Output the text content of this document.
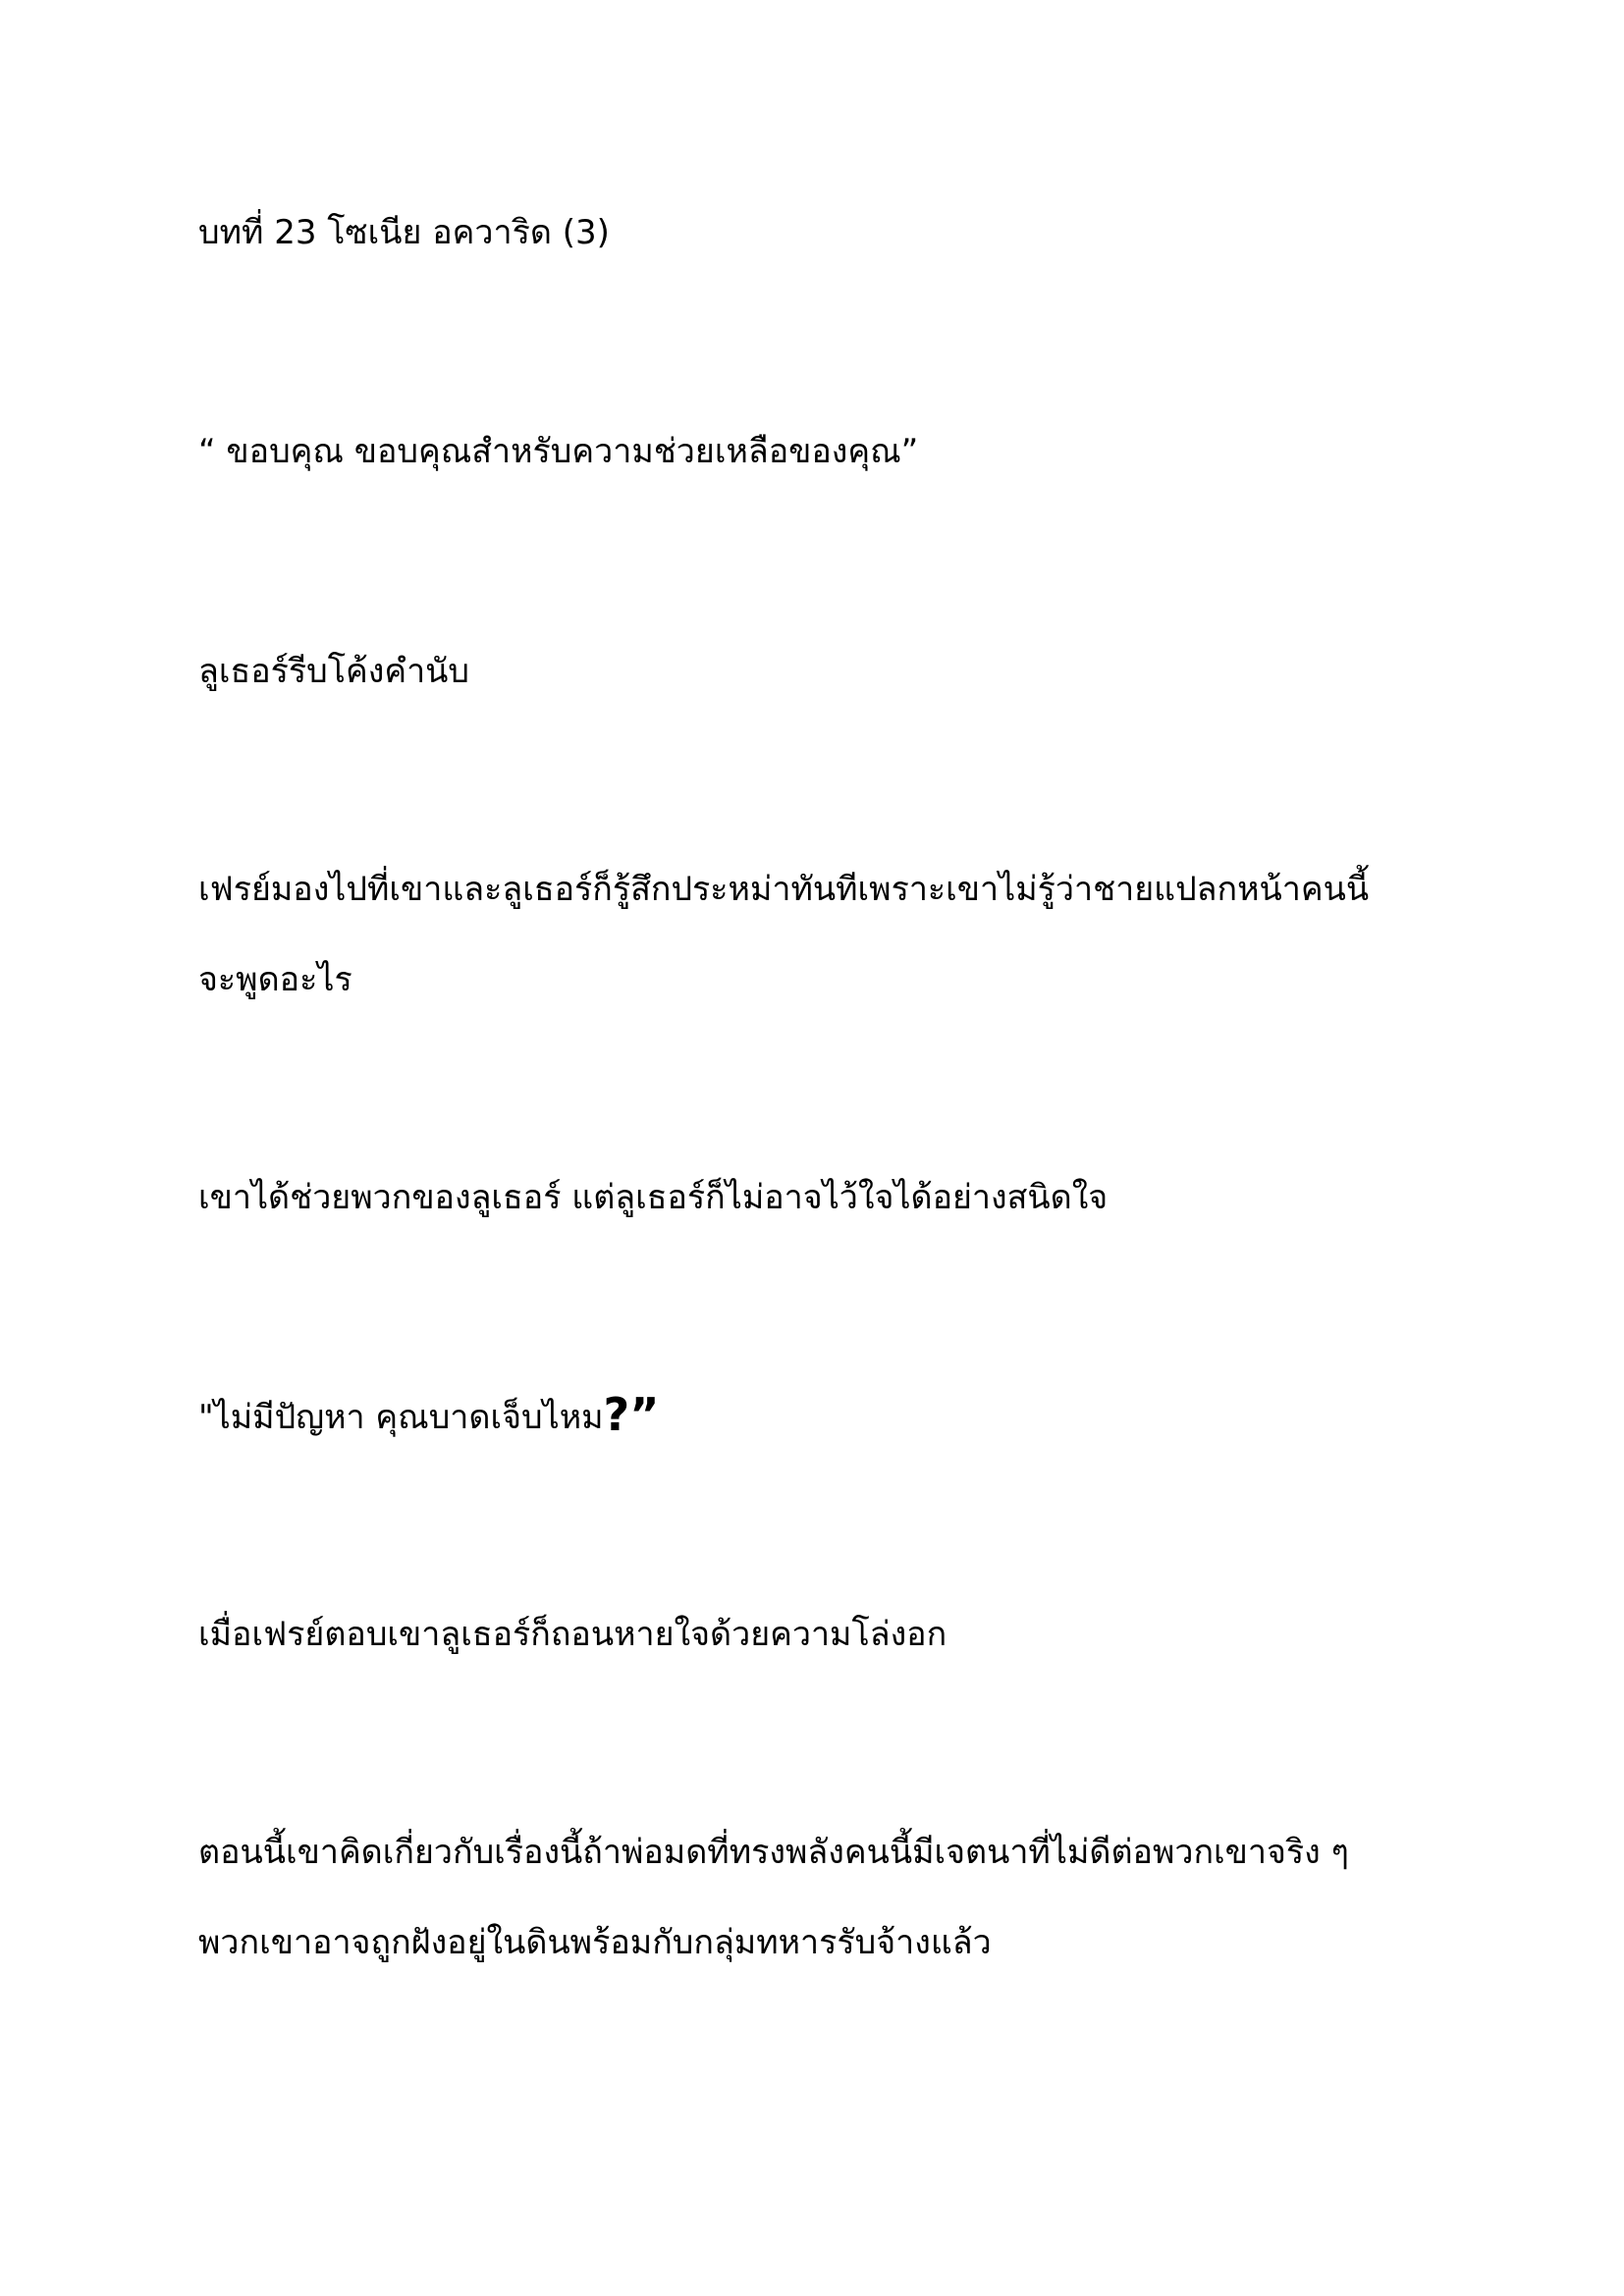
บทที่ 23 โซเนีย อควาริด (3)

“ ขอบคุณ ขอบคุณสำหรับความช่วยเหลือของคุณ”

ลูเธอร์รีบโค้งคำนับ

เฟรย์มองไปที่เขาและลูเธอร์ก็รู้สึกประหม่าทันทีเพราะเขาไม่รู้ว่าชายแปลกหน้าคนนี้

จะพูดอะไร

เขาได้ช่วยพวกของลูเธอร์ แต่ลูเธอร์ก็ไม่อาจไว้ใจได้อย่างสนิดใจ

"ไม่มีปัญหา คุณบาดเจ็บไหม?”

เมื่อเฟรย์ตอบเขาลูเธอร์ก็ถอนหายใจด้วยความโล่งอก

ตอนนี้เขาคิดเกี่ยวกับเรื่องนี้ถ้าพ่อมดที่ทรงพลังคนนี้มีเจตนาที่ไม่ดีต่อพวกเขาจริง ๆ

พวกเขาอาจถูกฝังอยู่ในดินพร้อมกับกลุ่มทหารรับจ้างแล้ว
